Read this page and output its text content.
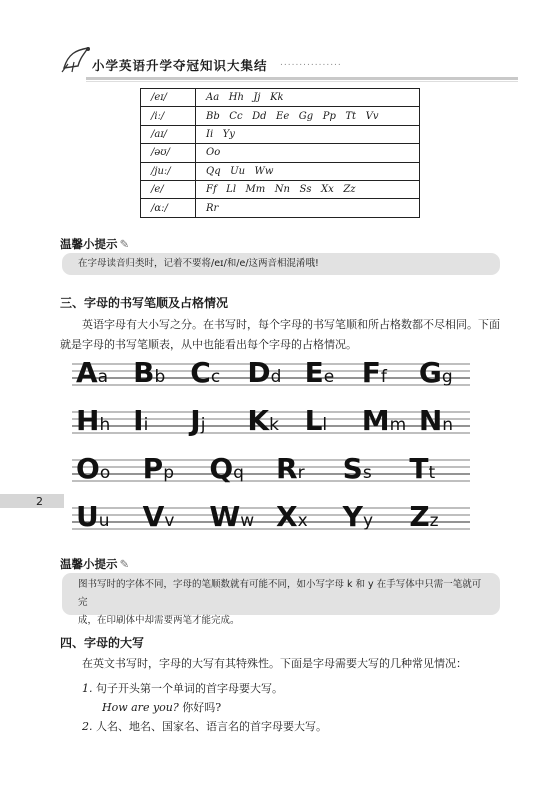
小学英语升学夺冠知识大集结 ................
/eɪ/	Aa   Hh   Jj   Kk
/iː/	Bb   Cc   Dd   Ee   Gg   Pp   Tt   Vv
/aɪ/	Ii   Yy
/əʊ/	Oo
/juː/	Qq   Uu   Ww
/e/	Ff   Ll   Mm   Nn   Ss   Xx   Zz
/ɑː/	Rr
温馨小提示 ✎
在字母读音归类时，记着不要将/eɪ/和/e/这两音相混淆哦!
三、字母的书写笔顺及占格情况
英语字母有大小写之分。在书写时，每个字母的书写笔顺和所占格数都不尽相同。下面就是字母的书写笔顺表，从中也能看出每个字母的占格情况。
Aa Bb Cc Dd Ee Ff Gg
Hh Ii Jj Kk Ll Mm Nn
Oo Pp Qq Rr Ss Tt
Uu Vv Ww Xx Yy Zz
2
温馨小提示 ✎
图书写时的字体不同，字母的笔顺数就有可能不同，如小写字母 k 和 y 在手写体中只需一笔就可完
成，在印刷体中却需要两笔才能完成。
四、字母的大写
在英文书写时，字母的大写有其特殊性。下面是字母需要大写的几种常见情况：
1. 句子开头第一个单词的首字母要大写。
How are you? 你好吗?
2. 人名、地名、国家名、语言名的首字母要大写。
